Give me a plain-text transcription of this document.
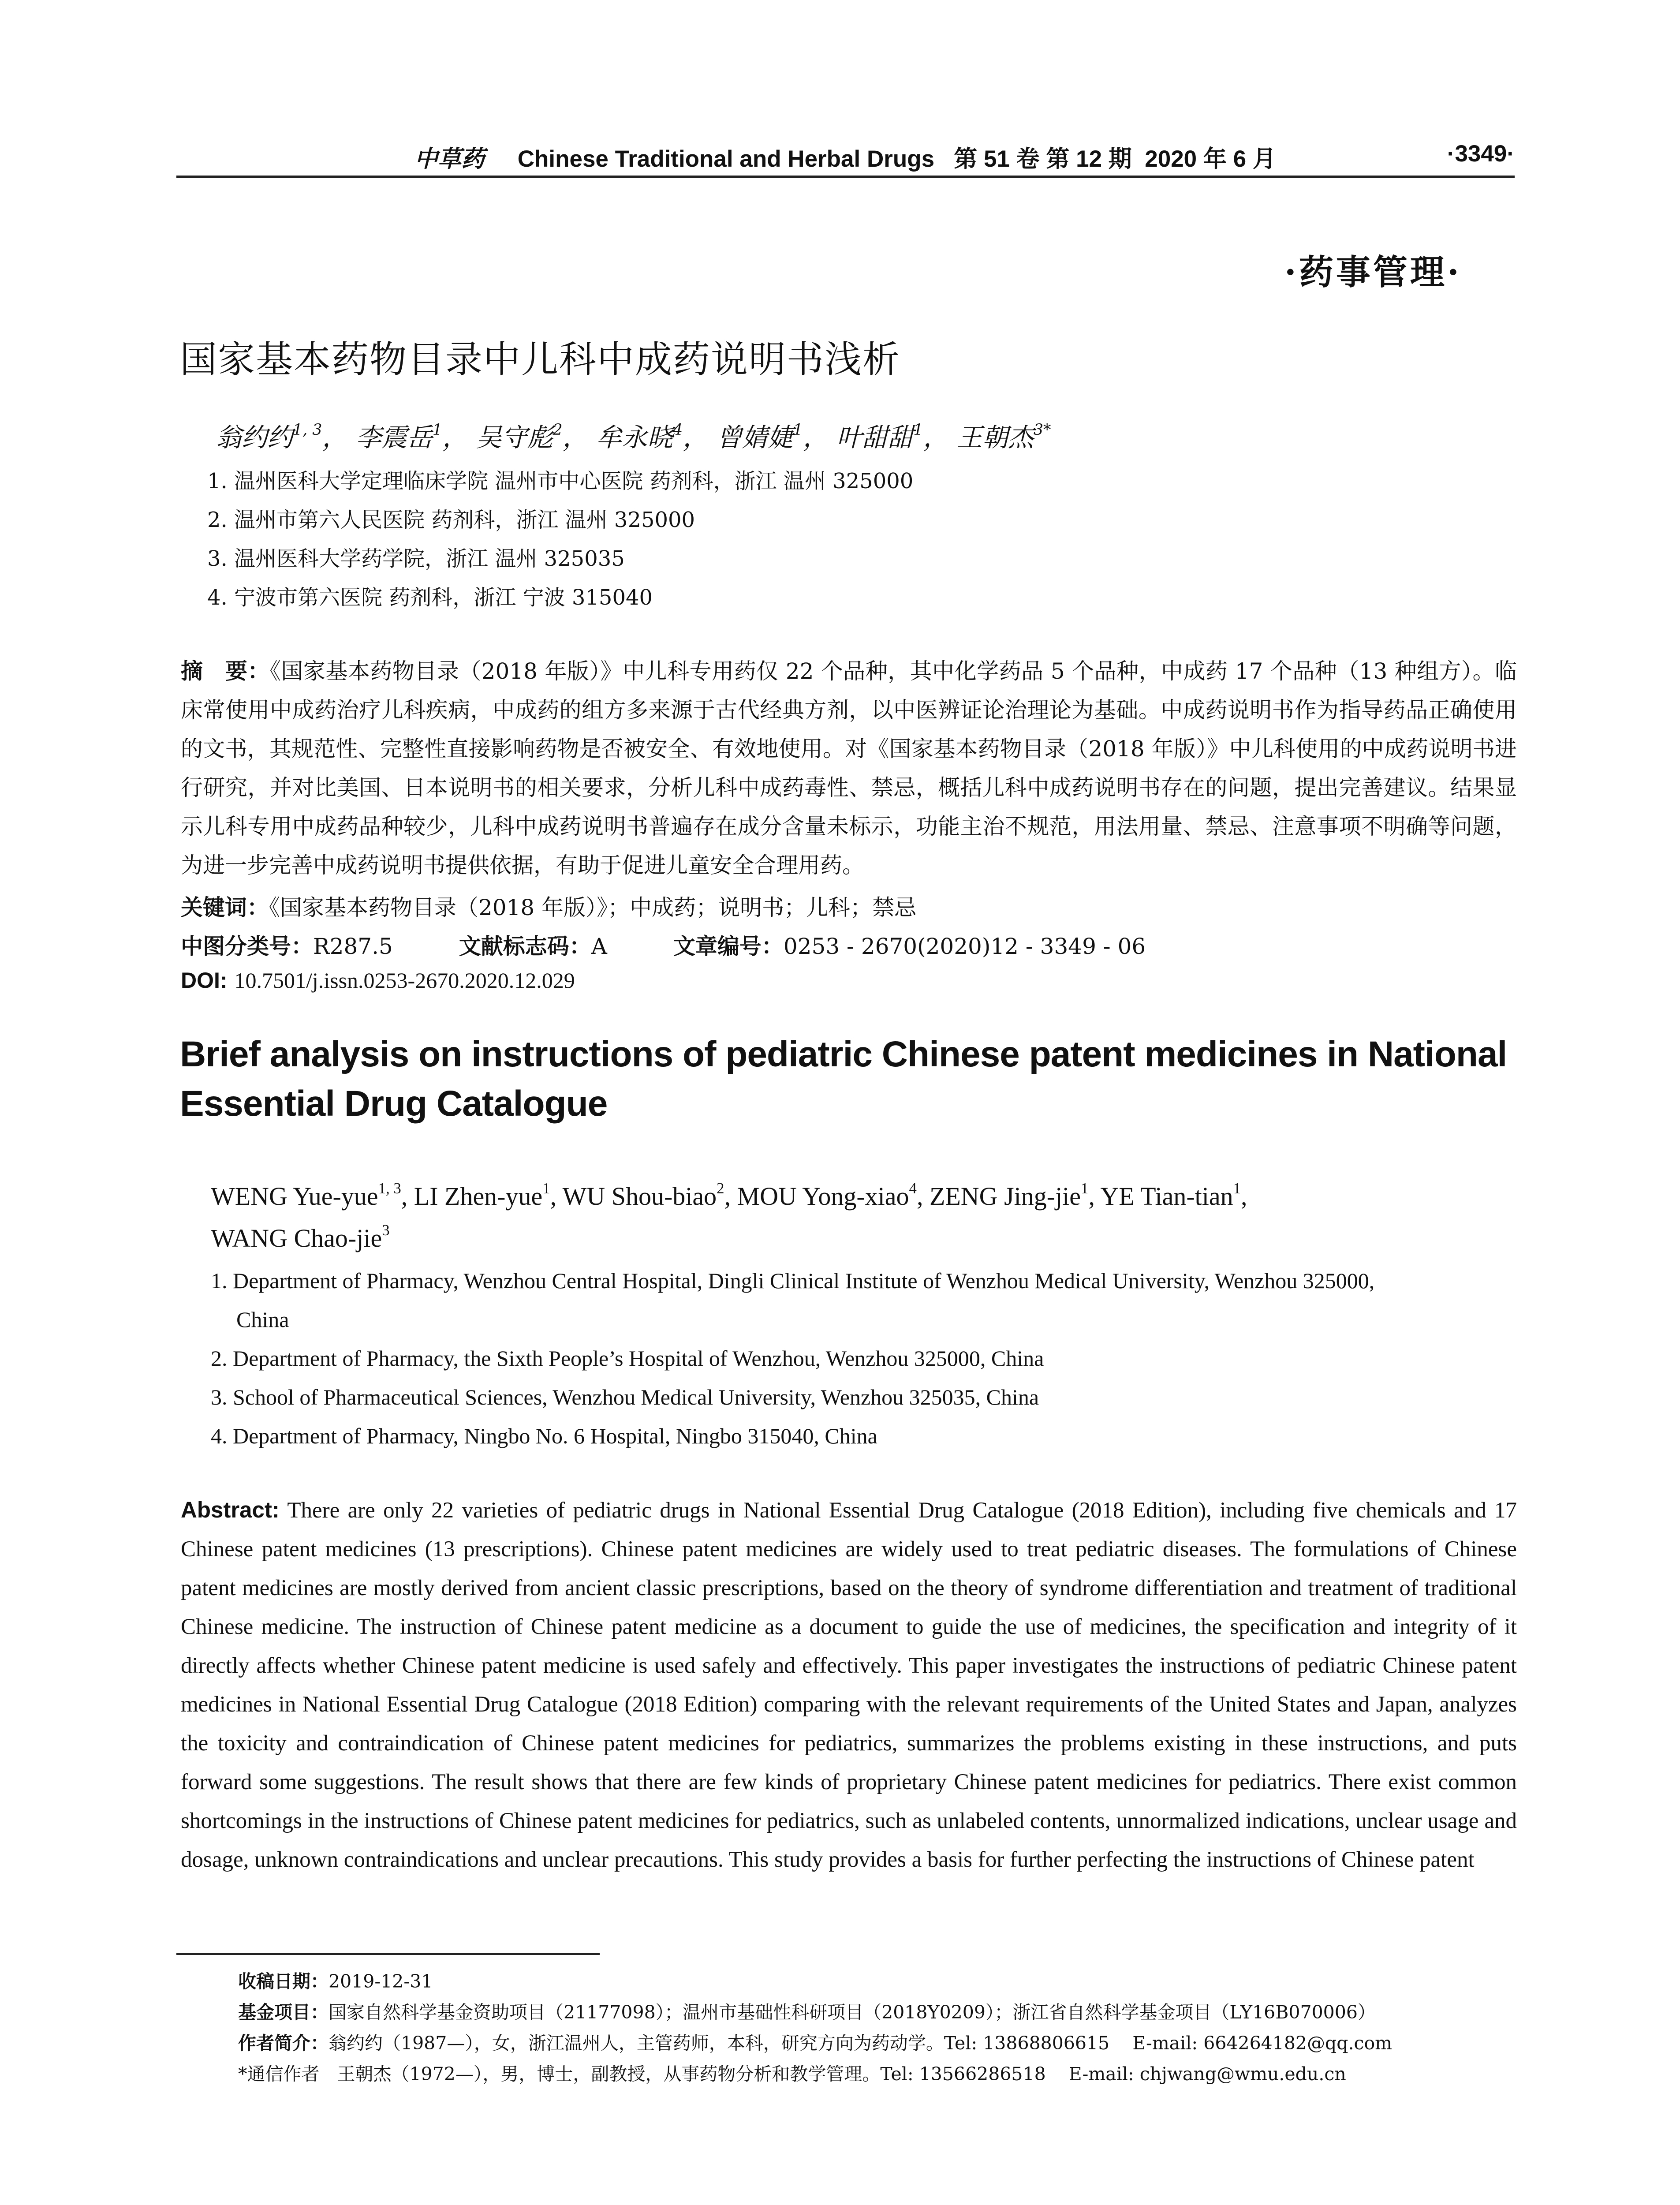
中草药 Chinese Traditional and Herbal Drugs   第 51 卷 第 12 期  2020 年 6 月	·3349·
·药事管理·
国家基本药物目录中儿科中成药说明书浅析
翁约约$^{1, 3}$， 李震岳$^1$， 吴守彪$^2$， 牟永晓$^4$， 曾婧婕$^1$， 叶甜甜$^1$， 王朝杰$^{3*}$
1. 温州医科大学定理临床学院 温州市中心医院 药剂科，浙江 温州 325000
2. 温州市第六人民医院 药剂科，浙江 温州 325000
3. 温州医科大学药学院，浙江 温州 325035
4. 宁波市第六医院 药剂科，浙江 宁波 315040
摘　要：《国家基本药物目录（2018 年版）》中儿科专用药仅 22 个品种，其中化学药品 5 个品种，中成药 17 个品种（13 种组方）。临床常使用中成药治疗儿科疾病，中成药的组方多来源于古代经典方剂，以中医辨证论治理论为基础。中成药说明书作为指导药品正确使用的文书，其规范性、完整性直接影响药物是否被安全、有效地使用。对《国家基本药物目录（2018 年版）》中儿科使用的中成药说明书进行研究，并对比美国、日本说明书的相关要求，分析儿科中成药毒性、禁忌，概括儿科中成药说明书存在的问题，提出完善建议。结果显示儿科专用中成药品种较少，儿科中成药说明书普遍存在成分含量未标示，功能主治不规范，用法用量、禁忌、注意事项不明确等问题，为进一步完善中成药说明书提供依据，有助于促进儿童安全合理用药。
关键词：《国家基本药物目录（2018 年版）》；中成药；说明书；儿科；禁忌
中图分类号：R287.5	文献标志码：A	文章编号：0253 - 2670(2020)12 - 3349 - 06
DOI: 10.7501/j.issn.0253-2670.2020.12.029
Brief analysis on instructions of pediatric Chinese patent medicines in National Essential Drug Catalogue
WENG Yue-yue$^{1, 3}$, LI Zhen-yue$^1$, WU Shou-biao$^2$, MOU Yong-xiao$^4$, ZENG Jing-jie$^1$, YE Tian-tian$^1$,
WANG Chao-jie$^3$
1. Department of Pharmacy, Wenzhou Central Hospital, Dingli Clinical Institute of Wenzhou Medical University, Wenzhou 325000,
China
2. Department of Pharmacy, the Sixth People’s Hospital of Wenzhou, Wenzhou 325000, China
3. School of Pharmaceutical Sciences, Wenzhou Medical University, Wenzhou 325035, China
4. Department of Pharmacy, Ningbo No. 6 Hospital, Ningbo 315040, China
Abstract: There are only 22 varieties of pediatric drugs in National Essential Drug Catalogue (2018 Edition), including five chemicals and 17 Chinese patent medicines (13 prescriptions). Chinese patent medicines are widely used to treat pediatric diseases. The formulations of Chinese patent medicines are mostly derived from ancient classic prescriptions, based on the theory of syndrome differentiation and treatment of traditional Chinese medicine. The instruction of Chinese patent medicine as a document to guide the use of medicines, the specification and integrity of it directly affects whether Chinese patent medicine is used safely and effectively. This paper investigates the instructions of pediatric Chinese patent medicines in National Essential Drug Catalogue (2018 Edition) comparing with the relevant requirements of the United States and Japan, analyzes the toxicity and contraindication of Chinese patent medicines for pediatrics, summarizes the problems existing in these instructions, and puts forward some suggestions. The result shows that there are few kinds of proprietary Chinese patent medicines for pediatrics. There exist common shortcomings in the instructions of Chinese patent medicines for pediatrics, such as unlabeled contents, unnormalized indications, unclear usage and dosage, unknown contraindications and unclear precautions. This study provides a basis for further perfecting the instructions of Chinese patent
收稿日期：2019-12-31
基金项目：国家自然科学基金资助项目（21177098）；温州市基础性科研项目（2018Y0209）；浙江省自然科学基金项目（LY16B070006）
作者简介：翁约约（1987—），女，浙江温州人，主管药师，本科，研究方向为药动学。Tel: 13868806615    E-mail: 664264182@qq.com
*通信作者 王朝杰（1972—），男，博士，副教授，从事药物分析和教学管理。Tel: 13566286518    E-mail: chjwang@wmu.edu.cn
